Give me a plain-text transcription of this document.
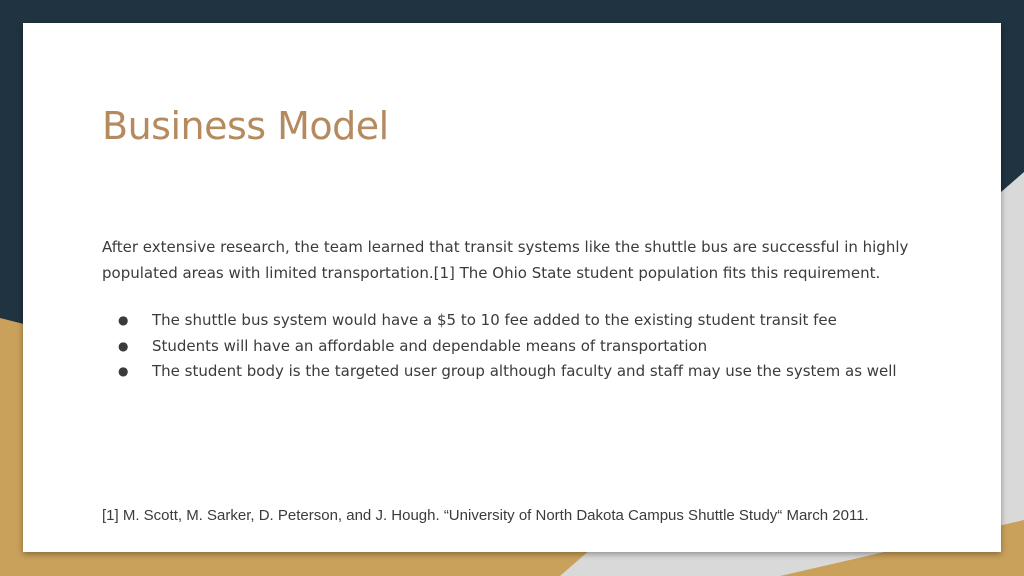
Business Model

After extensive research, the team learned that transit systems like the shuttle bus are successful in highly populated areas with limited transportation.[1] The Ohio State student population fits this requirement.

● The shuttle bus system would have a $5 to 10 fee added to the existing student transit fee
● Students will have an affordable and dependable means of transportation
● The student body is the targeted user group although faculty and staff may use the system as well

[1] M. Scott, M. Sarker, D. Peterson, and J. Hough. “University of North Dakota Campus Shuttle Study“ March 2011.
